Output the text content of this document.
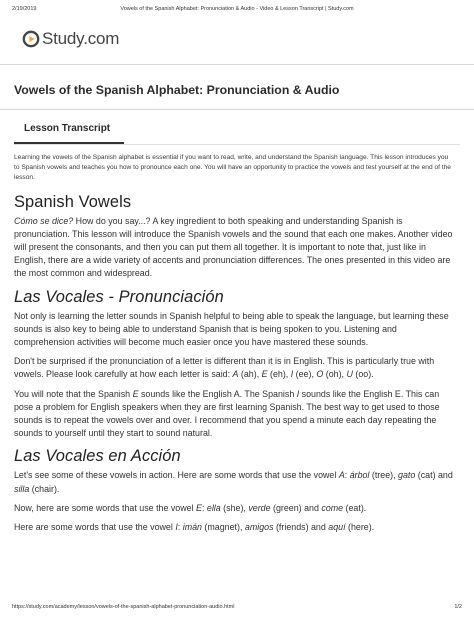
2/19/2019	Vowels of the Spanish Alphabet: Pronunciation & Audio - Video & Lesson Transcript | Study.com
Study.com
Vowels of the Spanish Alphabet: Pronunciation & Audio
Lesson Transcript

Learning the vowels of the Spanish alphabet is essential if you want to read, write, and understand the Spanish language. This lesson introduces you to Spanish vowels and teaches you how to pronounce each one. You will have an opportunity to practice the vowels and test yourself at the end of the lesson.

Spanish Vowels

Cómo se dice? How do you say...? A key ingredient to both speaking and understanding Spanish is pronunciation. This lesson will introduce the Spanish vowels and the sound that each one makes. Another video will present the consonants, and then you can put them all together. It is important to note that, just like in English, there are a wide variety of accents and pronunciation differences. The ones presented in this video are the most common and widespread.

Las Vocales - Pronunciación

Not only is learning the letter sounds in Spanish helpful to being able to speak the language, but learning these sounds is also key to being able to understand Spanish that is being spoken to you. Listening and comprehension activities will become much easier once you have mastered these sounds.

Don't be surprised if the pronunciation of a letter is different than it is in English. This is particularly true with vowels. Please look carefully at how each letter is said: A (ah), E (eh), I (ee), O (oh), U (oo).

You will note that the Spanish E sounds like the English A. The Spanish I sounds like the English E. This can pose a problem for English speakers when they are first learning Spanish. The best way to get used to those sounds is to repeat the vowels over and over. I recommend that you spend a minute each day repeating the sounds to yourself until they start to sound natural.

Las Vocales en Acción

Let's see some of these vowels in action. Here are some words that use the vowel A: árbol (tree), gato (cat) and silla (chair).

Now, here are some words that use the vowel E: ella (she), verde (green) and come (eat).

Here are some words that use the vowel I: imán (magnet), amigos (friends) and aquí (here).

https://study.com/academy/lesson/vowels-of-the-spanish-alphabet-pronunciation-audio.html	1/2
